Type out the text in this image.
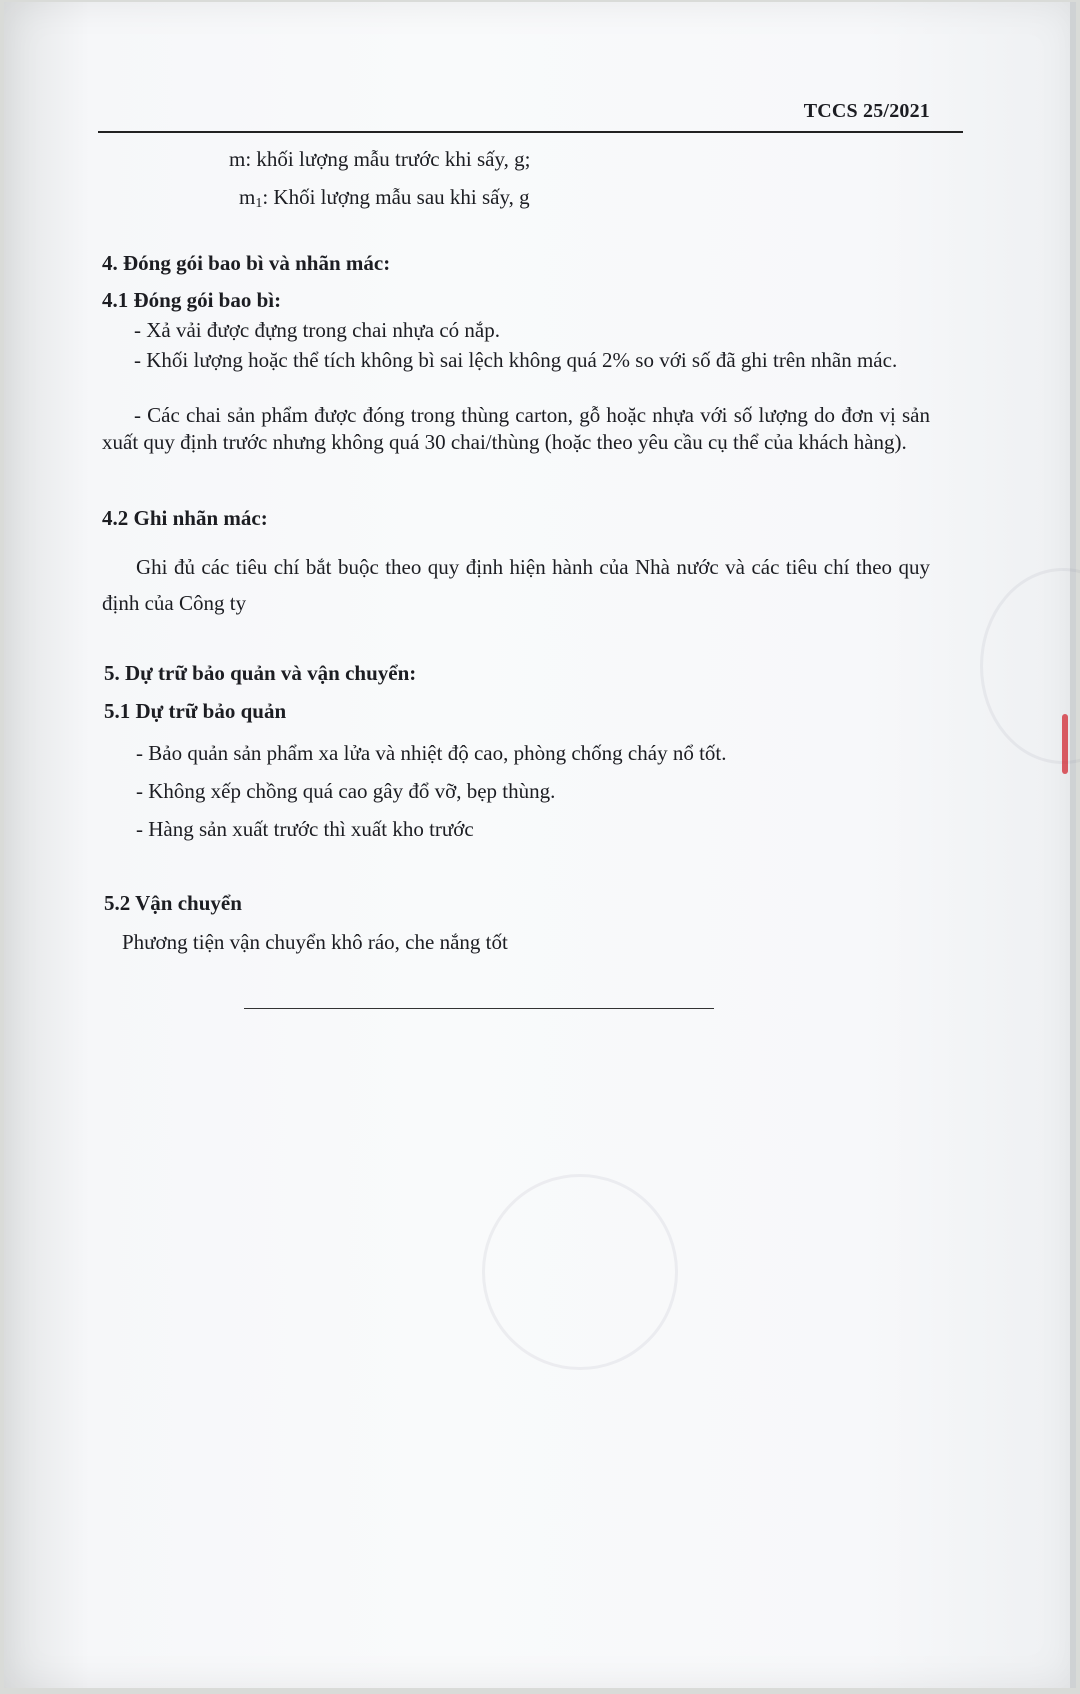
TCCS 25/2021
m: khối lượng mẫu trước khi sấy, g;
m1: Khối lượng mẫu sau khi sấy, g
4. Đóng gói bao bì và nhãn mác:
4.1 Đóng gói bao bì:
- Xả vải được đựng trong chai nhựa có nắp.
- Khối lượng hoặc thể tích không bì sai lệch không quá 2% so với số đã ghi trên nhãn mác.
- Các chai sản phẩm được đóng trong thùng carton, gỗ hoặc nhựa với số lượng do đơn vị sản xuất quy định trước nhưng không quá 30 chai/thùng (hoặc theo yêu cầu cụ thể của khách hàng).
4.2 Ghi nhãn mác:
Ghi đủ các tiêu chí bắt buộc theo quy định hiện hành của Nhà nước và các tiêu chí theo quy định của Công ty
5. Dự trữ bảo quản và vận chuyển:
5.1 Dự trữ bảo quản
- Bảo quản sản phẩm xa lửa và nhiệt độ cao, phòng chống cháy nổ tốt.
- Không xếp chồng quá cao gây đổ vỡ, bẹp thùng.
- Hàng sản xuất trước thì xuất kho trước
5.2 Vận chuyển
Phương tiện vận chuyển khô ráo, che nắng tốt
